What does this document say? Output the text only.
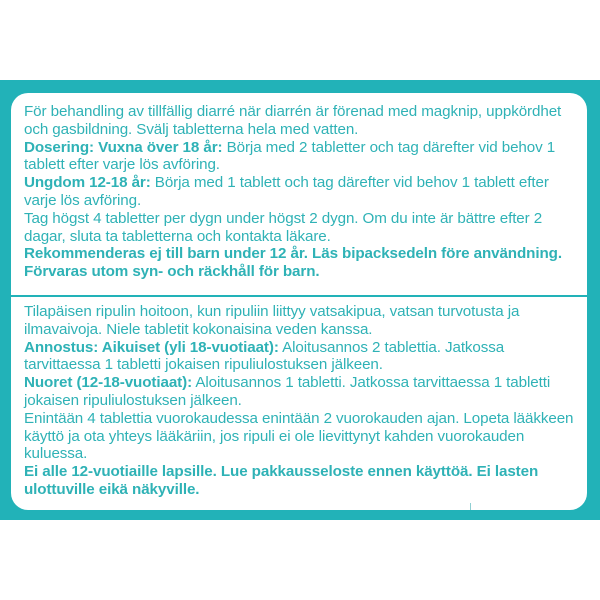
För behandling av tillfällig diarré när diarrén är förenad med magknip, uppkördhet och gasbildning. Svälj tabletterna hela med vatten.

Dosering: Vuxna över 18 år: Börja med 2 tabletter och tag därefter vid behov 1 tablett efter varje lös avföring.

Ungdom 12-18 år: Börja med 1 tablett och tag därefter vid behov 1 tablett efter varje lös avföring.

Tag högst 4 tabletter per dygn under högst 2 dygn. Om du inte är bättre efter 2 dagar, sluta ta tabletterna och kontakta läkare.

Rekommenderas ej till barn under 12 år. Läs bipacksedeln före användning. Förvaras utom syn- och räckhåll för barn.

Tilapäisen ripulin hoitoon, kun ripuliin liittyy vatsakipua, vatsan turvotusta ja ilmavaivoja. Niele tabletit kokonaisina veden kanssa.

Annostus: Aikuiset (yli 18-vuotiaat): Aloitusannos 2 tablettia. Jatkossa tarvittaessa 1 tabletti jokaisen ripuliulostuksen jälkeen.

Nuoret (12-18-vuotiaat): Aloitusannos 1 tabletti. Jatkossa tarvittaessa 1 tabletti jokaisen ripuliulostuksen jälkeen.

Enintään 4 tablettia vuorokaudessa enintään 2 vuorokauden ajan. Lopeta lääkkeen käyttö ja ota yhteys lääkäriin, jos ripuli ei ole lievittynyt kahden vuorokauden kuluessa.

Ei alle 12-vuotiaille lapsille. Lue pakkausseloste ennen käyttöä. Ei lasten ulottuville eikä näkyville.
